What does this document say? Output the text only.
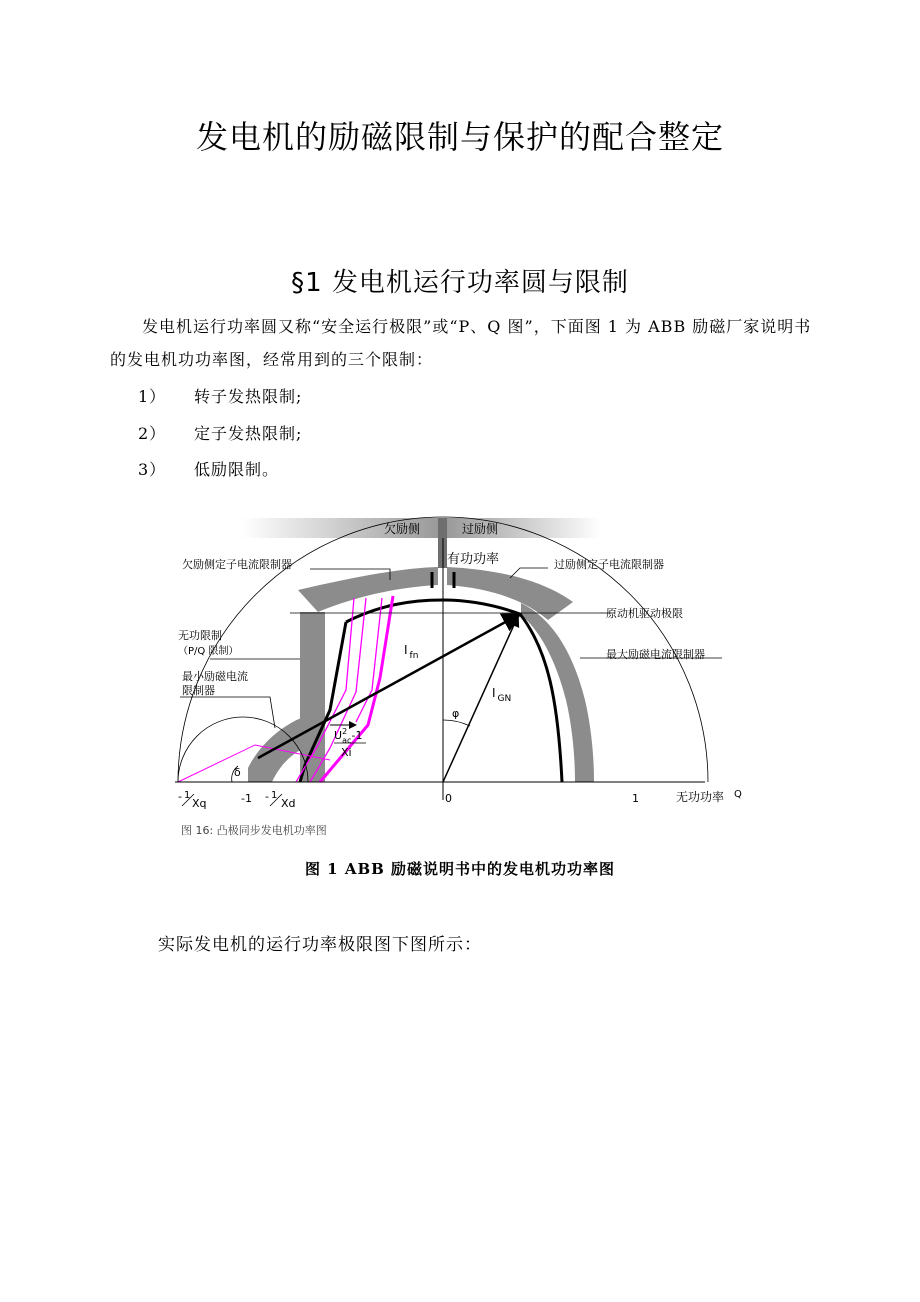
发电机的励磁限制与保护的配合整定
§1 发电机运行功率圆与限制
发电机运行功率圆又称“安全运行极限”或“P、Q 图”，下面图 1 为 ABB 励磁厂家说明书的发电机功功率图，经常用到的三个限制：
1）	转子发热限制;
2）	定子发热限制;
3）	低励限制。
欠励侧	过励侧
有功功率
欠励侧定子电流限制器	过励侧定子电流限制器
原动机驱动极限
无功限制
（P/Q 限制）	最大励磁电流限制器
最小励磁电流
限制器
I $_{fn}$
I $_{GN}$
φ
δ
$U^2$ ac-1
Xi
- 1
Xq	-1 - 1
Xd	0	1	无功功率 Q
图 16: 凸极同步发电机功率图
图 1 ABB 励磁说明书中的发电机功功率图
实际发电机的运行功率极限图下图所示：
